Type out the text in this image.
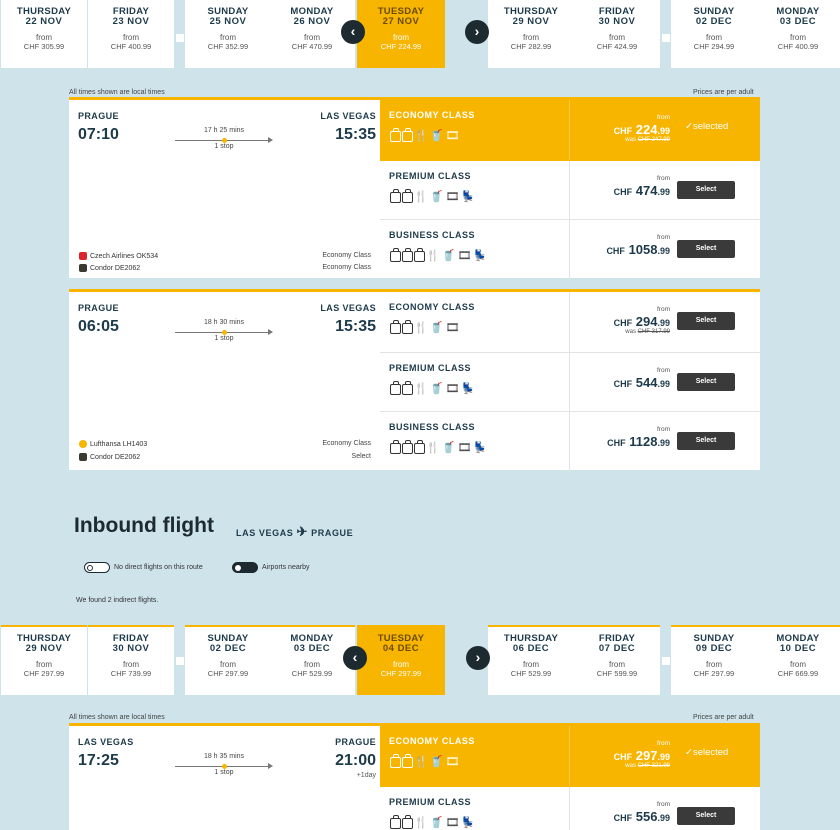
THURSDAY
22 NOV
from
CHF 305.99
FRIDAY
23 NOV
from
CHF 400.99
SUNDAY
25 NOV
from
CHF 352.99
MONDAY
26 NOV
from
CHF 470.99
TUESDAY
27 NOV
from
CHF 224.99
THURSDAY
29 NOV
from
CHF 282.99
FRIDAY
30 NOV
from
CHF 424.99
SUNDAY
02 DEC
from
CHF 294.99
MONDAY
03 DEC
from
CHF 400.99
‹	›
All times shown are local times	Prices are per adult
PRAGUE	LAS VEGAS
07:10	15:35
17 h 25 mins
1 stop
Czech Airlines OK534
Condor DE2062
Economy Class
Economy Class
ECONOMY CLASS
🍴🥤🎞
from
CHF 224.99
was CHF 247.99
✓selected
PREMIUM CLASS
🍴🥤🎞💺
from
CHF 474.99	Select
BUSINESS CLASS
🍴🥤🎞💺
from
CHF 1058.99	Select
PRAGUE	LAS VEGAS
06:05	15:35
18 h 30 mins
1 stop
Lufthansa LH1403
Condor DE2062
Economy Class
Select
ECONOMY CLASS
🍴🥤🎞
from
CHF 294.99
was CHF 317.99
Select
PREMIUM CLASS
🍴🥤🎞💺
from
CHF 544.99	Select
BUSINESS CLASS
🍴🥤🎞💺
from
CHF 1128.99	Select
Inbound flight LAS VEGAS ✈ PRAGUE
No direct flights on this route	Airports nearby
We found 2 indirect flights.
THURSDAY
29 NOV
from
CHF 297.99
FRIDAY
30 NOV
from
CHF 739.99
SUNDAY
02 DEC
from
CHF 297.99
MONDAY
03 DEC
from
CHF 529.99
TUESDAY
04 DEC
from
CHF 297.99
THURSDAY
06 DEC
from
CHF 529.99
FRIDAY
07 DEC
from
CHF 599.99
SUNDAY
09 DEC
from
CHF 297.99
MONDAY
10 DEC
from
CHF 669.99
‹	›
All times shown are local times	Prices are per adult
LAS VEGAS	PRAGUE
17:25	21:00
+1day
18 h 35 mins
1 stop
ECONOMY CLASS
🍴🥤🎞
from
CHF 297.99
was CHF 321.99
✓selected
PREMIUM CLASS
🍴🥤🎞💺
from
CHF 556.99	Select
